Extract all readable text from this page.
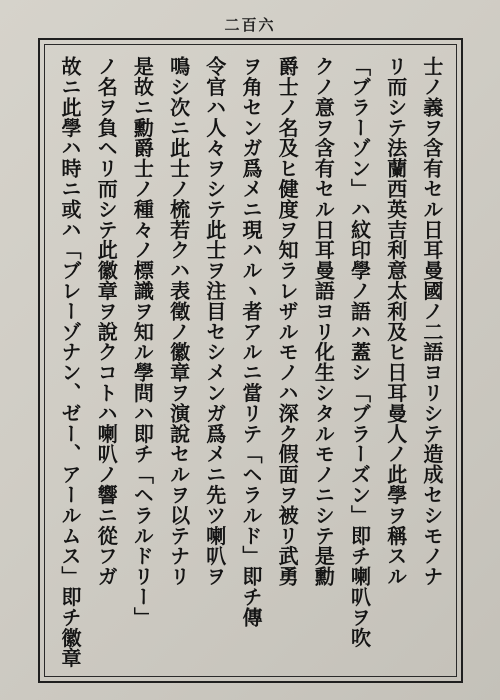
二百六
士ノ義ヲ含有セル日耳曼國ノ二語ヨリシテ造成セシモノナ
リ而シテ法蘭西英吉利意太利及ヒ日耳曼人ノ此學ヲ稱スル
「ブラーゾン」ハ紋印學ノ語ハ蓋シ「ブラーズン」即チ喇叭ヲ吹
クノ意ヲ含有セル日耳曼語ヨリ化生シタルモノニシテ是勳
爵士ノ名及ヒ健度ヲ知ラレザルモノハ深ク假面ヲ被リ武勇
ヲ角センガ爲メニ現ハルヽ者アルニ當リテ「ヘラルド」即チ傳
令官ハ人々ヲシテ此士ヲ注目セシメンガ爲メニ先ツ喇叭ヲ
鳴シ次ニ此士ノ梳若クハ表徵ノ徽章ヲ演說セルヲ以テナリ
是故ニ勳爵士ノ種々ノ標識ヲ知ル學問ハ即チ「ヘラルドリー」
ノ名ヲ負ヘリ而シテ此徽章ヲ說クコトハ喇叭ノ響ニ從フガ
故ニ此學ハ時ニ或ハ「ブレーゾナン、ゼー、アールムス」即チ徽章
